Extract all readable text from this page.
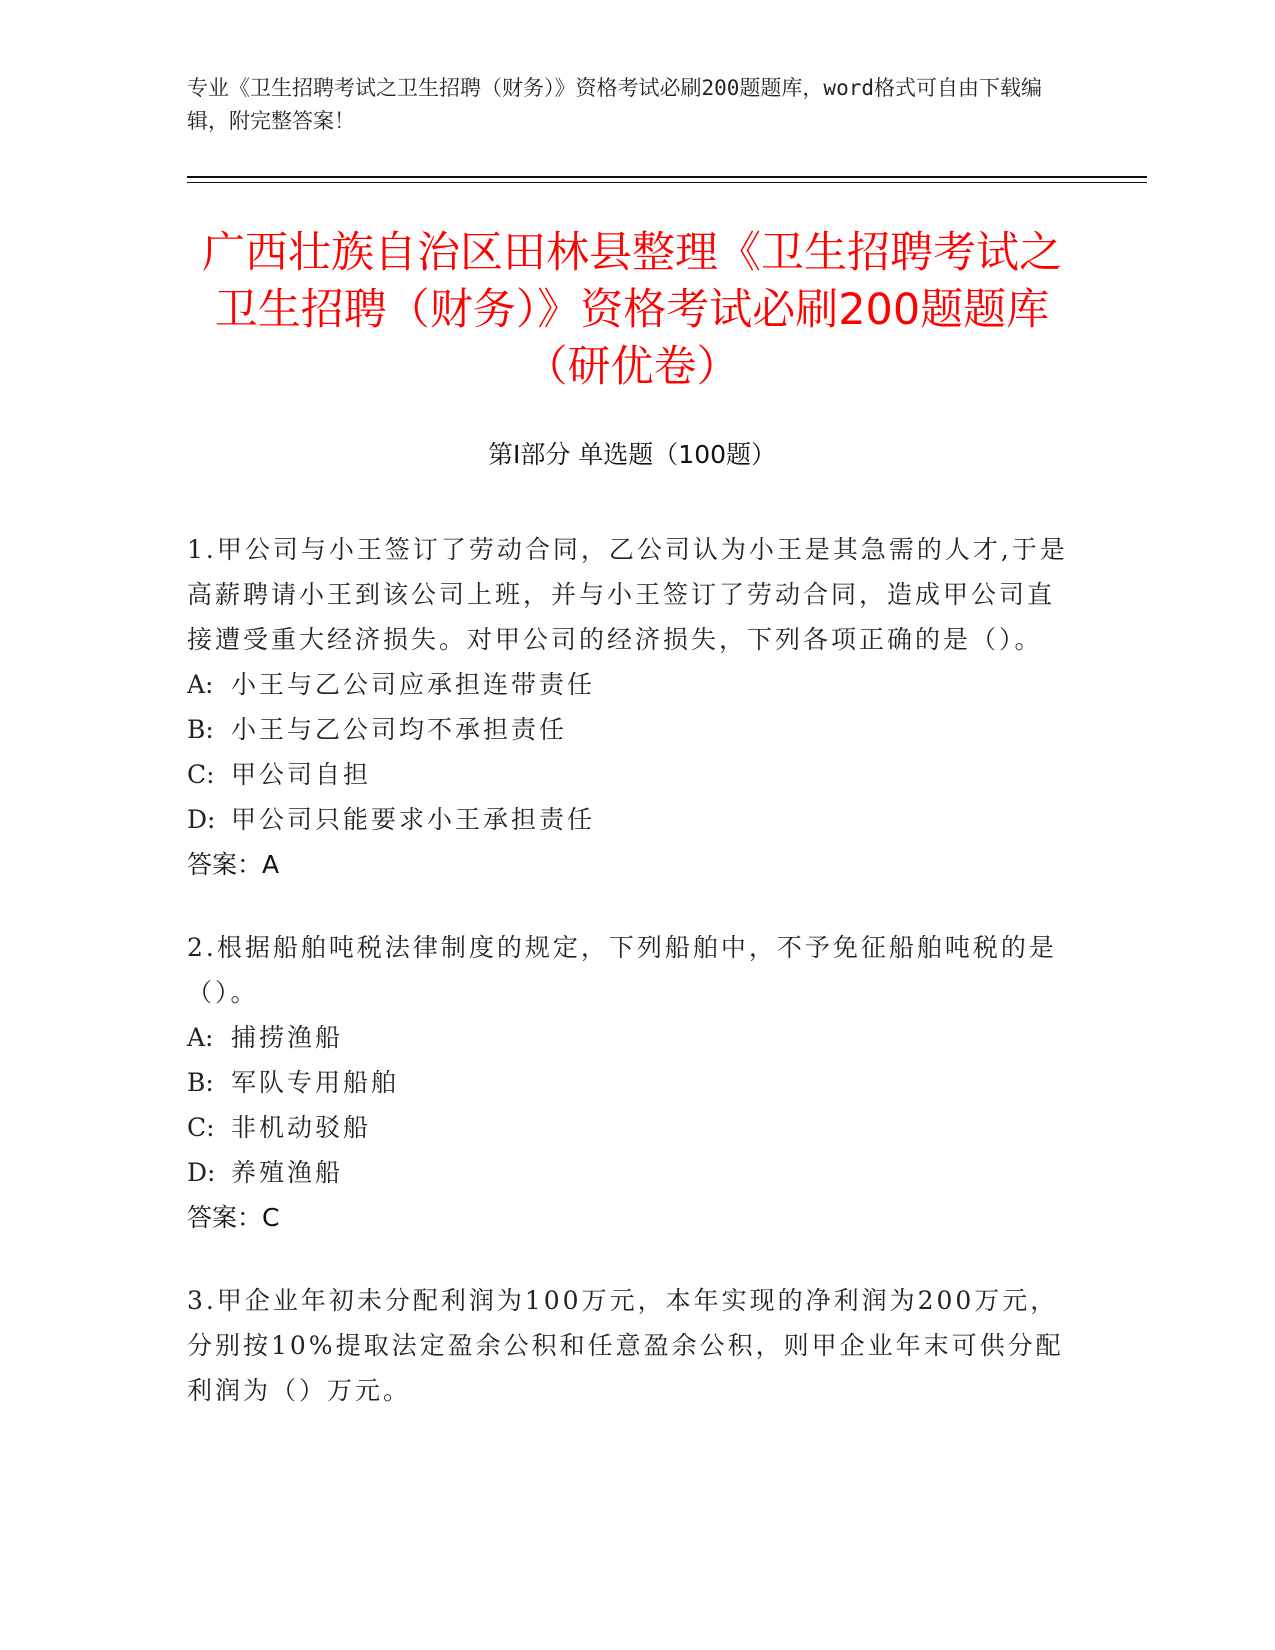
专业《卫生招聘考试之卫生招聘（财务）》资格考试必刷200题题库，word格式可自由下载编辑，附完整答案！
广西壮族自治区田林县整理《卫生招聘考试之卫生招聘（财务）》资格考试必刷200题题库（研优卷）
第Ⅰ部分 单选题（100题）
1.甲公司与小王签订了劳动合同，乙公司认为小王是其急需的人才,于是高薪聘请小王到该公司上班，并与小王签订了劳动合同，造成甲公司直接遭受重大经济损失。对甲公司的经济损失，下列各项正确的是（）。
A: 小王与乙公司应承担连带责任
B: 小王与乙公司均不承担责任
C: 甲公司自担
D: 甲公司只能要求小王承担责任
答案：A
2.根据船舶吨税法律制度的规定，下列船舶中，不予免征船舶吨税的是（）。
A: 捕捞渔船
B: 军队专用船舶
C: 非机动驳船
D: 养殖渔船
答案：C
3.甲企业年初未分配利润为100万元，本年实现的净利润为200万元，分别按10%提取法定盈余公积和任意盈余公积，则甲企业年末可供分配利润为（）万元。
